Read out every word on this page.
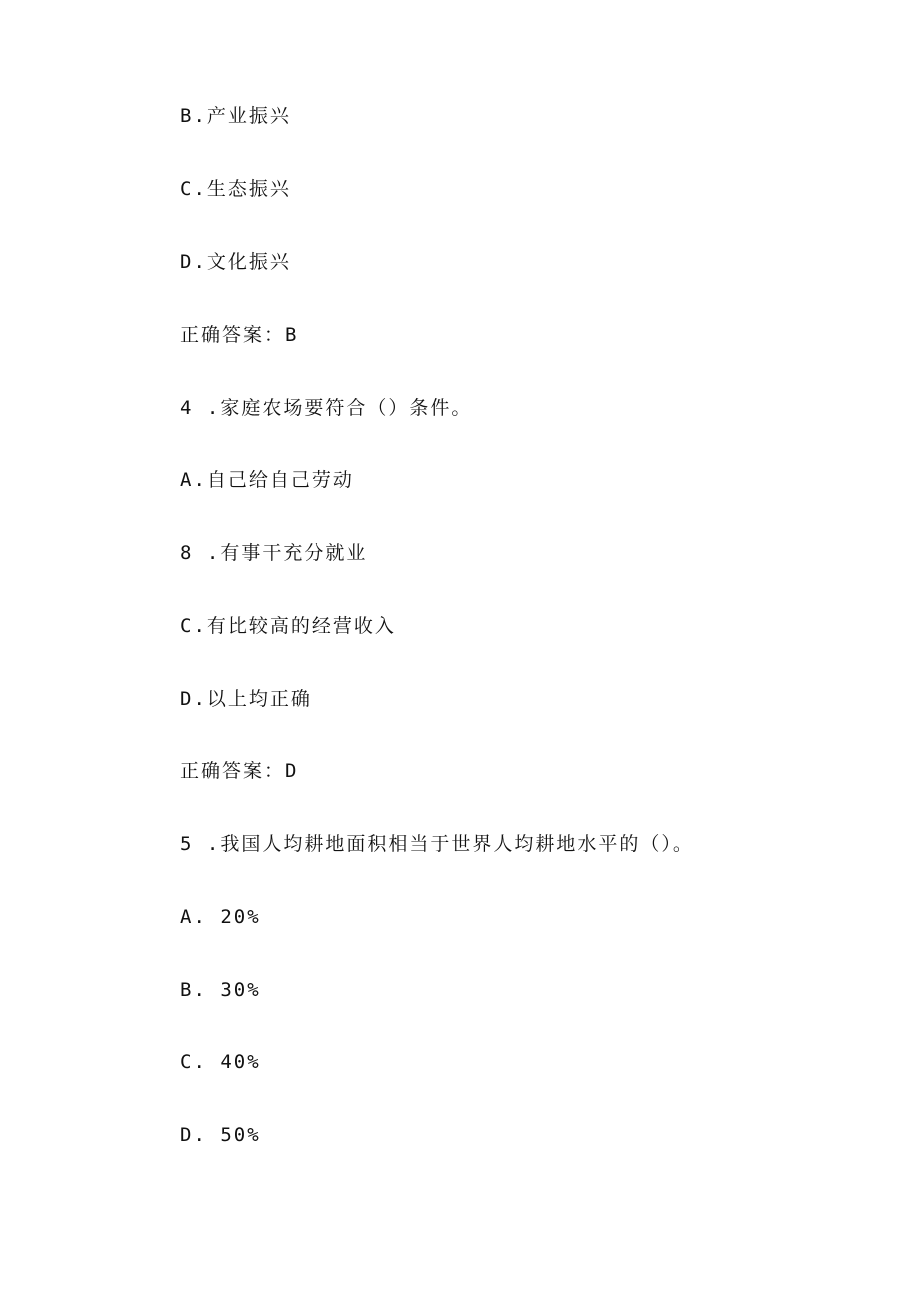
B.产业振兴

C.生态振兴

D.文化振兴

正确答案：B

4 .家庭农场要符合（）条件。

A.自己给自己劳动

8 .有事干充分就业

C.有比较高的经营收入

D.以上均正确

正确答案：D

5 .我国人均耕地面积相当于世界人均耕地水平的（）。

A. 20%

B. 30%

C. 40%

D. 50%
